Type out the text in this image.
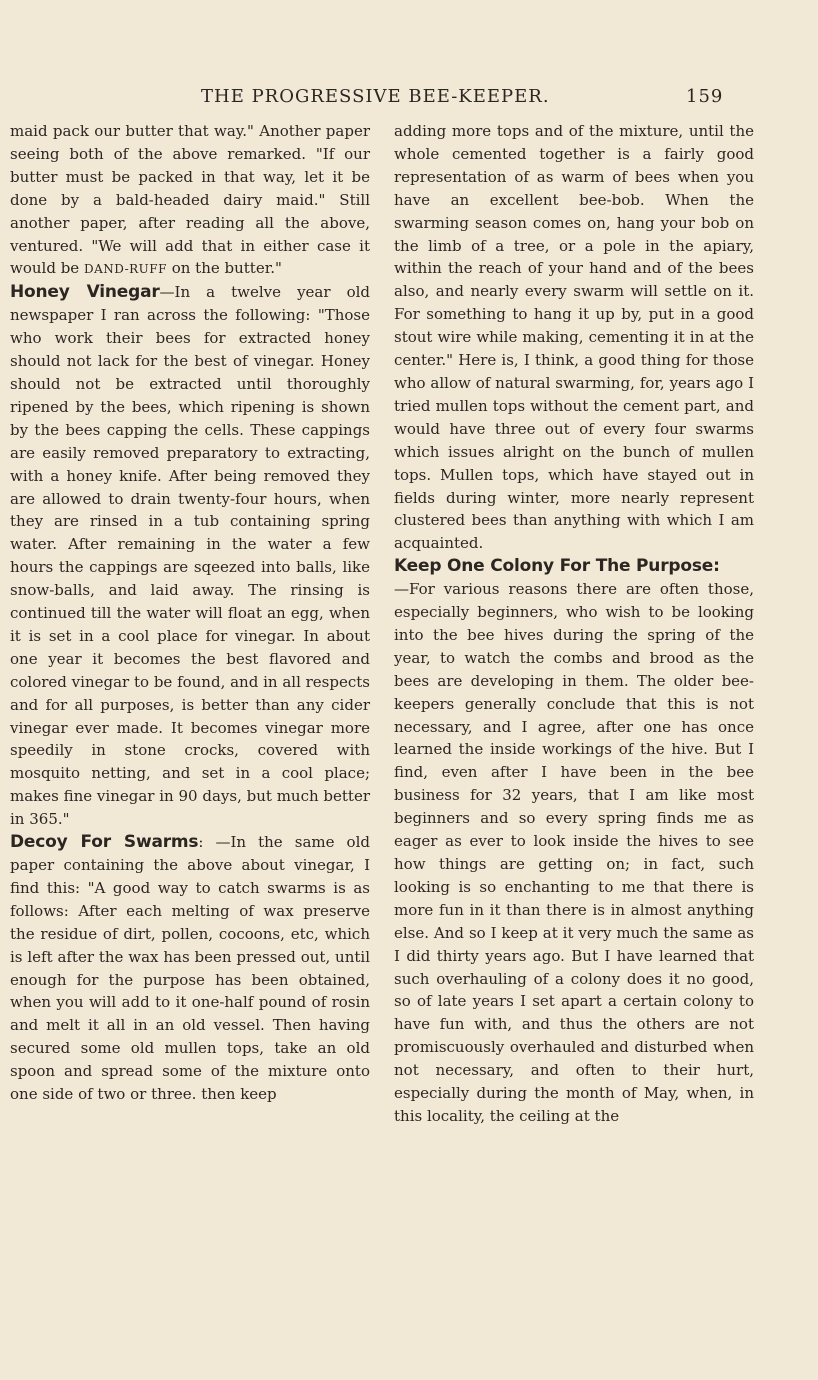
THE PROGRESSIVE BEE-KEEPER.	159

maid pack our butter that way." Another paper seeing both of the above remarked. "If our butter must be packed in that way, let it be done by a bald-headed dairy maid." Still another paper, after reading all the above, ventured. "We will add that in either case it would be DAND-RUFF on the butter."

Honey Vinegar—In a twelve year old newspaper I ran across the following: "Those who work their bees for extracted honey should not lack for the best of vinegar. Honey should not be extracted until thoroughly ripened by the bees, which ripening is shown by the bees capping the cells. These cappings are easily removed preparatory to extracting, with a honey knife. After being removed they are allowed to drain twenty-four hours, when they are rinsed in a tub containing spring water. After remaining in the water a few hours the cappings are sqeezed into balls, like snow-balls, and laid away. The rinsing is continued till the water will float an egg, when it is set in a cool place for vinegar. In about one year it becomes the best flavored and colored vinegar to be found, and in all respects and for all purposes, is better than any cider vinegar ever made. It becomes vinegar more speedily in stone crocks, covered with mosquito netting, and set in a cool place; makes fine vinegar in 90 days, but much better in 365."

Decoy For Swarms: —In the same old paper containing the above about vinegar, I find this: "A good way to catch swarms is as follows: After each melting of wax preserve the residue of dirt, pollen, cocoons, etc, which is left after the wax has been pressed out, until enough for the purpose has been obtained, when you will add to it one-half pound of rosin and melt it all in an old vessel. Then having secured some old mullen tops, take an old spoon and spread some of the mixture onto one side of two or three. then keep

adding more tops and of the mixture, until the whole cemented together is a fairly good representation of as warm of bees when you have an excellent bee-bob. When the swarming season comes on, hang your bob on the limb of a tree, or a pole in the apiary, within the reach of your hand and of the bees also, and nearly every swarm will settle on it. For something to hang it up by, put in a good stout wire while making, cementing it in at the center." Here is, I think, a good thing for those who allow of natural swarming, for, years ago I tried mullen tops without the cement part, and would have three out of every four swarms which issues alright on the bunch of mullen tops. Mullen tops, which have stayed out in fields during winter, more nearly represent clustered bees than anything with which I am acquainted.

Keep One Colony For The Purpose:

—For various reasons there are often those, especially beginners, who wish to be looking into the bee hives during the spring of the year, to watch the combs and brood as the bees are developing in them. The older bee-keepers generally conclude that this is not necessary, and I agree, after one has once learned the inside workings of the hive. But I find, even after I have been in the bee business for 32 years, that I am like most beginners and so every spring finds me as eager as ever to look inside the hives to see how things are getting on; in fact, such looking is so enchanting to me that there is more fun in it than there is in almost anything else. And so I keep at it very much the same as I did thirty years ago. But I have learned that such overhauling of a colony does it no good, so of late years I set apart a certain colony to have fun with, and thus the others are not promiscuously overhauled and disturbed when not necessary, and often to their hurt, especially during the month of May, when, in this locality, the ceiling at the
